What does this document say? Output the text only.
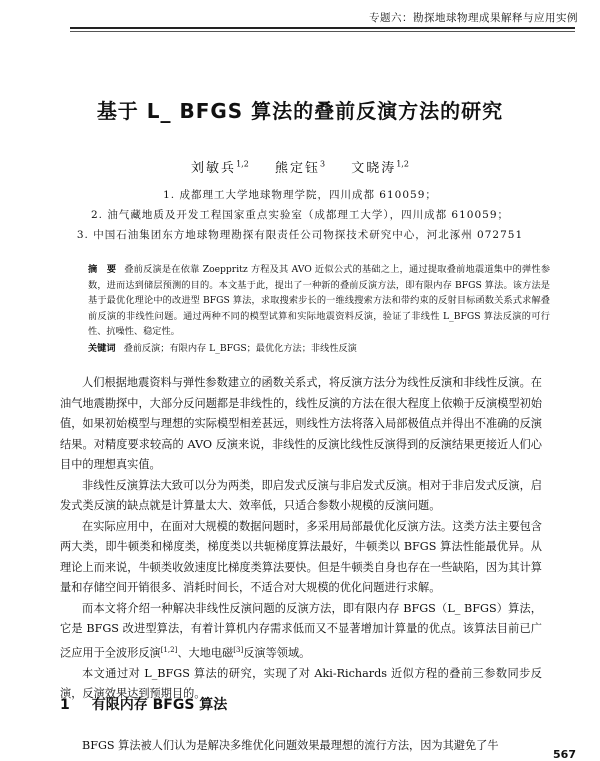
专题六：勘探地球物理成果解释与应用实例
基于 L_ BFGS 算法的叠前反演方法的研究
刘敏兵$^{1,2}$ 熊定钰$^3$ 文晓涛$^{1,2}$
1. 成都理工大学地球物理学院，四川成都 610059；
2. 油气藏地质及开发工程国家重点实验室（成都理工大学），四川成都 610059；
3. 中国石油集团东方地球物理勘探有限责任公司物探技术研究中心，河北涿州 072751
摘　要 叠前反演是在依靠 Zoeppritz 方程及其 AVO 近似公式的基础之上，通过提取叠前地震道集中的弹性参数，进而达到储层预测的目的。本文基于此，提出了一种新的叠前反演方法，即有限内存 BFGS 算法。该方法是基于最优化理论中的改进型 BFGS 算法，求取搜索步长的一维线搜索方法和带约束的反射目标函数关系式求解叠前反演的非线性问题。通过两种不同的模型试算和实际地震资料反演，验证了非线性 L_BFGS 算法反演的可行性、抗噪性、稳定性。
关键词 叠前反演；有限内存 L_BFGS；最优化方法；非线性反演

人们根据地震资料与弹性参数建立的函数关系式，将反演方法分为线性反演和非线性反演。在油气地震勘探中，大部分反问题都是非线性的，线性反演的方法在很大程度上依赖于反演模型初始值，如果初始模型与理想的实际模型相差甚远，则线性方法将落入局部极值点并得出不准确的反演结果。对精度要求较高的 AVO 反演来说，非线性的反演比线性反演得到的反演结果更接近人们心目中的理想真实值。

非线性反演算法大致可以分为两类，即启发式反演与非启发式反演。相对于非启发式反演，启发式类反演的缺点就是计算量太大、效率低，只适合参数小规模的反演问题。

在实际应用中，在面对大规模的数据问题时，多采用局部最优化反演方法。这类方法主要包含两大类，即牛顿类和梯度类，梯度类以共轭梯度算法最好，牛顿类以 BFGS 算法性能最优异。从理论上而来说，牛顿类收敛速度比梯度类算法要快。但是牛顿类自身也存在一些缺陷，因为其计算量和存储空间开销很多、消耗时间长，不适合对大规模的优化问题进行求解。

而本文将介绍一种解决非线性反演问题的反演方法，即有限内存 BFGS（L_ BFGS）算法，它是 BFGS 改进型算法，有着计算机内存需求低而又不显著增加计算量的优点。该算法目前已广泛应用于全波形反演[1,2]、大地电磁[3]反演等领域。

本文通过对 L_BFGS 算法的研究，实现了对 Aki-Richards 近似方程的叠前三参数同步反演，反演效果达到预期目的。

1 有限内存 BFGS 算法
BFGS 算法被人们认为是解决多维优化问题效果最理想的流行方法，因为其避免了牛
567
